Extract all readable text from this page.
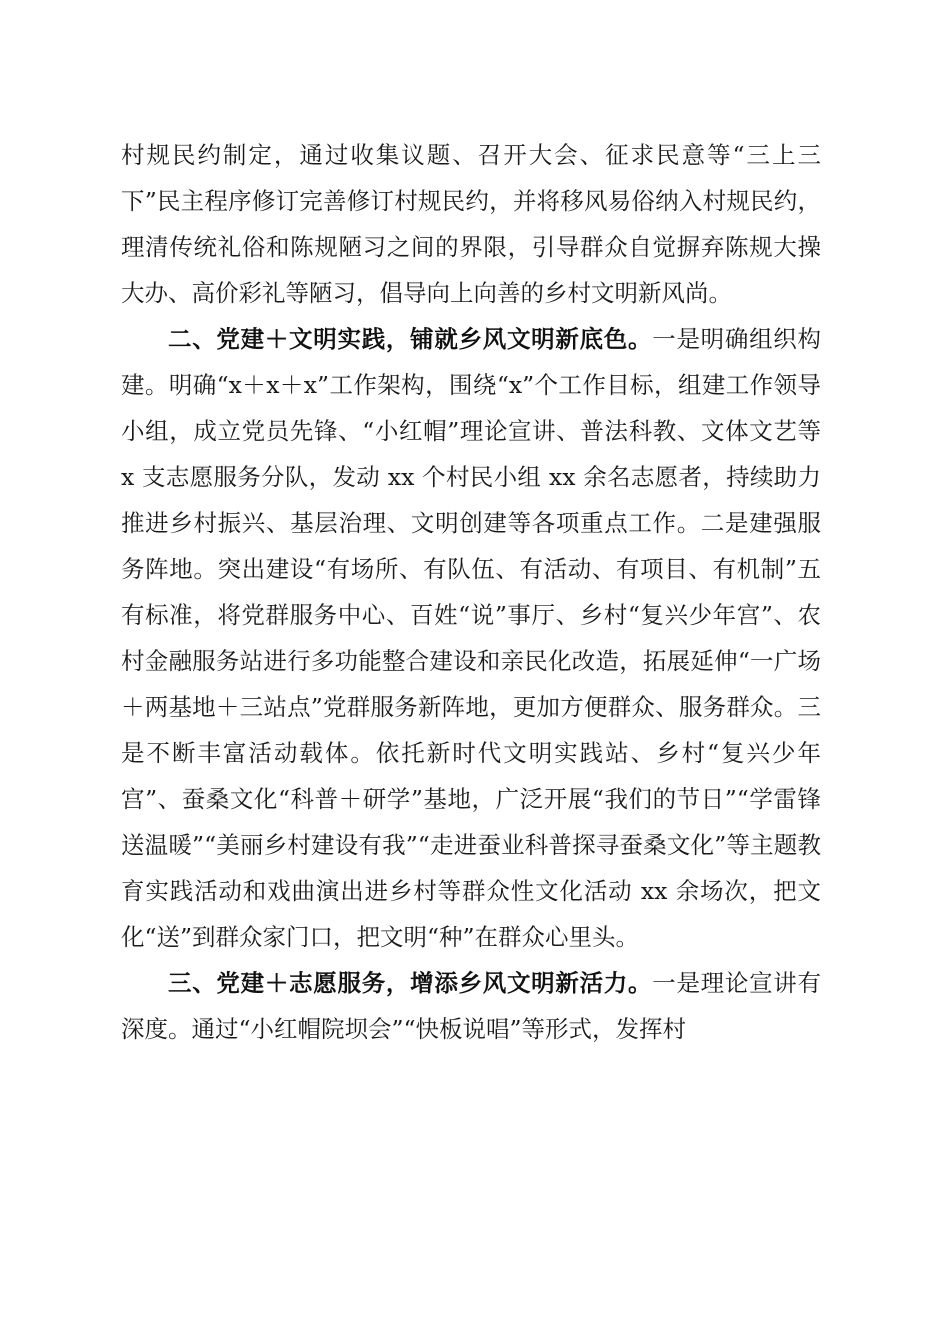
村规民约制定，通过收集议题、召开大会、征求民意等“三上三下”民主程序修订完善修订村规民约，并将移风易俗纳入村规民约，理清传统礼俗和陈规陋习之间的界限，引导群众自觉摒弃陈规大操大办、高价彩礼等陋习，倡导向上向善的乡村文明新风尚。

二、党建＋文明实践，铺就乡风文明新底色。一是明确组织构建。明确“x＋x＋x”工作架构，围绕“x”个工作目标，组建工作领导小组，成立党员先锋、“小红帽”理论宣讲、普法科教、文体文艺等 x 支志愿服务分队，发动 xx 个村民小组 xx 余名志愿者，持续助力推进乡村振兴、基层治理、文明创建等各项重点工作。二是建强服务阵地。突出建设“有场所、有队伍、有活动、有项目、有机制”五有标准，将党群服务中心、百姓“说”事厅、乡村“复兴少年宫”、农村金融服务站进行多功能整合建设和亲民化改造，拓展延伸“一广场＋两基地＋三站点”党群服务新阵地，更加方便群众、服务群众。三是不断丰富活动载体。依托新时代文明实践站、乡村“复兴少年宫”、蚕桑文化“科普＋研学”基地，广泛开展“我们的节日”“学雷锋送温暖”“美丽乡村建设有我”“走进蚕业科普探寻蚕桑文化”等主题教育实践活动和戏曲演出进乡村等群众性文化活动 xx 余场次，把文化“送”到群众家门口，把文明“种”在群众心里头。

三、党建＋志愿服务，增添乡风文明新活力。一是理论宣讲有深度。通过“小红帽院坝会”“快板说唱”等形式，发挥村
